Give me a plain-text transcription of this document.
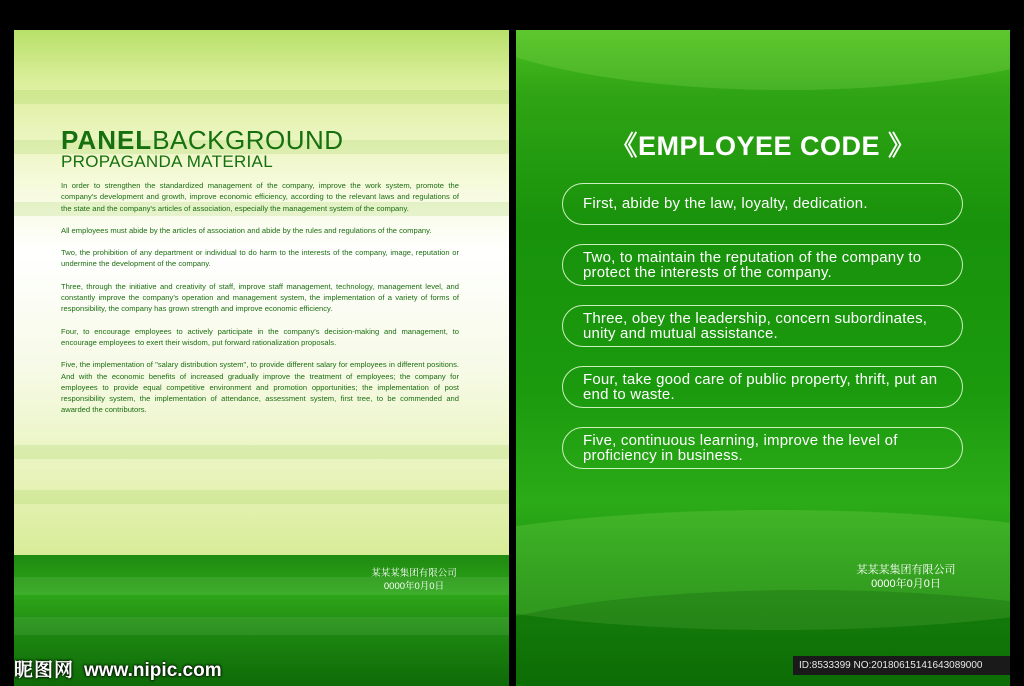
PANELBACKGROUND
PROPAGANDA MATERIAL

In order to strengthen the standardized management of the company, improve the work system, promote the company's development and growth, improve economic efficiency, according to the relevant laws and regulations of the state and the company's articles of association, especially the management system of the company.

All employees must abide by the articles of association and abide by the rules and regulations of the company.

Two, the prohibition of any department or individual to do harm to the interests of the company, image, reputation or undermine the development of the company.

Three, through the initiative and creativity of staff, improve staff management, technology, management level, and constantly improve the company's operation and management system, the implementation of a variety of forms of responsibility, the company has grown strength and improve economic efficiency.

Four, to encourage employees to actively participate in the company's decision-making and management, to encourage employees to exert their wisdom, put forward rationalization proposals.

Five, the implementation of "salary distribution system", to provide different salary for employees in different positions. And with the economic benefits of increased gradually improve the treatment of employees; the company for employees to provide equal competitive environment and promotion opportunities; the implementation of post responsibility system, the implementation of attendance, assessment system, first tree, to be commended and awarded the contributors.

某某某集团有限公司
0000年0月0日
《EMPLOYEE CODE 》
First, abide by the law, loyalty, dedication.
Two, to maintain the reputation of the company to protect the interests of the company.
Three, obey the leadership, concern subordinates, unity and mutual assistance.
Four, take good care of public property, thrift, put an end to waste.
Five, continuous learning, improve the level of proficiency in business.
某某某集团有限公司
0000年0月0日
昵图网 www.nipic.com	ID:8533399 NO:20180615141643089000
